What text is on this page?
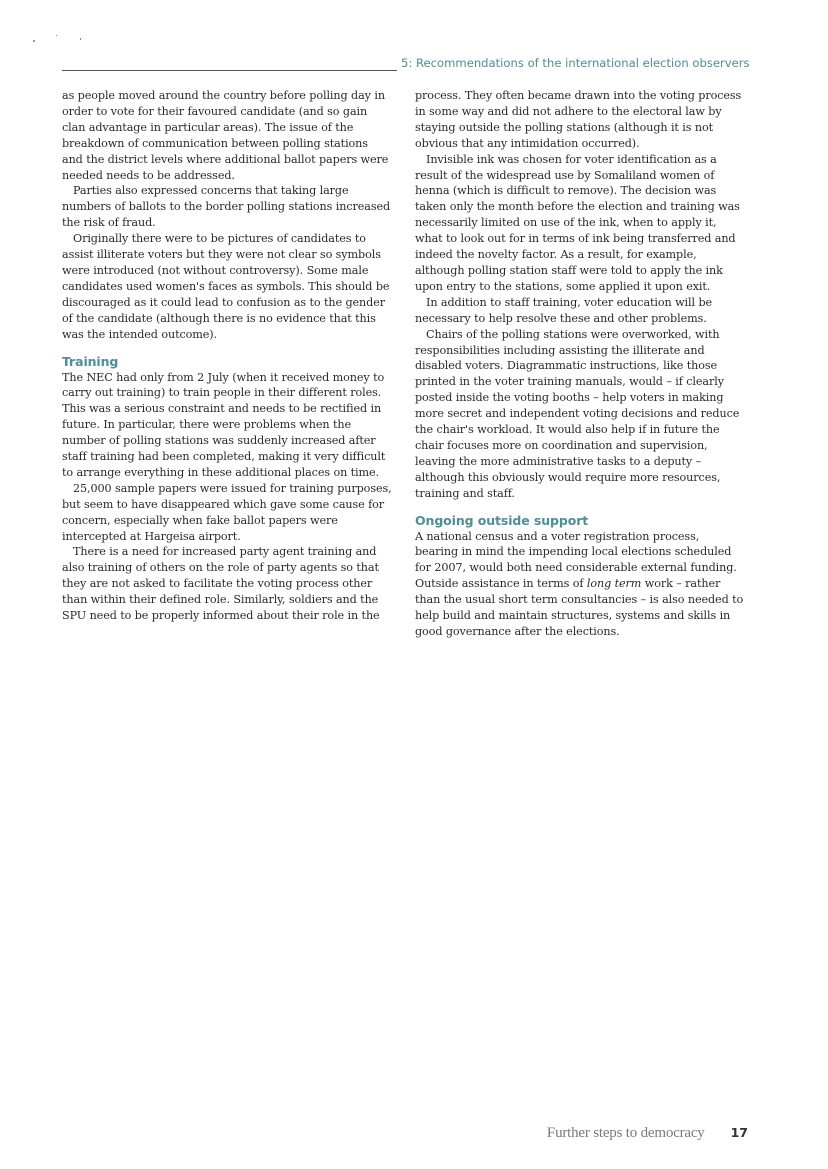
5: Recommendations of the international election observers

as people moved around the country before polling day in order to vote for their favoured candidate (and so gain clan advantage in particular areas). The issue of the breakdown of communication between polling stations and the district levels where additional ballot papers were needed needs to be addressed.

Parties also expressed concerns that taking large numbers of ballots to the border polling stations increased the risk of fraud.

Originally there were to be pictures of candidates to assist illiterate voters but they were not clear so symbols were introduced (not without controversy). Some male candidates used women's faces as symbols. This should be discouraged as it could lead to confusion as to the gender of the candidate (although there is no evidence that this was the intended outcome).

Training

The NEC had only from 2 July (when it received money to carry out training) to train people in their different roles. This was a serious constraint and needs to be rectified in future. In particular, there were problems when the number of polling stations was suddenly increased after staff training had been completed, making it very difficult to arrange everything in these additional places on time.

25,000 sample papers were issued for training purposes, but seem to have disappeared which gave some cause for concern, especially when fake ballot papers were intercepted at Hargeisa airport.

There is a need for increased party agent training and also training of others on the role of party agents so that they are not asked to facilitate the voting process other than within their defined role. Similarly, soldiers and the SPU need to be properly informed about their role in the

process. They often became drawn into the voting process in some way and did not adhere to the electoral law by staying outside the polling stations (although it is not obvious that any intimidation occurred).

Invisible ink was chosen for voter identification as a result of the widespread use by Somaliland women of henna (which is difficult to remove). The decision was taken only the month before the election and training was necessarily limited on use of the ink, when to apply it, what to look out for in terms of ink being transferred and indeed the novelty factor. As a result, for example, although polling station staff were told to apply the ink upon entry to the stations, some applied it upon exit.

In addition to staff training, voter education will be necessary to help resolve these and other problems.

Chairs of the polling stations were overworked, with responsibilities including assisting the illiterate and disabled voters. Diagrammatic instructions, like those printed in the voter training manuals, would – if clearly posted inside the voting booths – help voters in making more secret and independent voting decisions and reduce the chair's workload. It would also help if in future the chair focuses more on coordination and supervision, leaving the more administrative tasks to a deputy – although this obviously would require more resources, training and staff.

Ongoing outside support

A national census and a voter registration process, bearing in mind the impending local elections scheduled for 2007, would both need considerable external funding. Outside assistance in terms of long term work – rather than the usual short term consultancies – is also needed to help build and maintain structures, systems and skills in good governance after the elections.

Further steps to democracy 17
